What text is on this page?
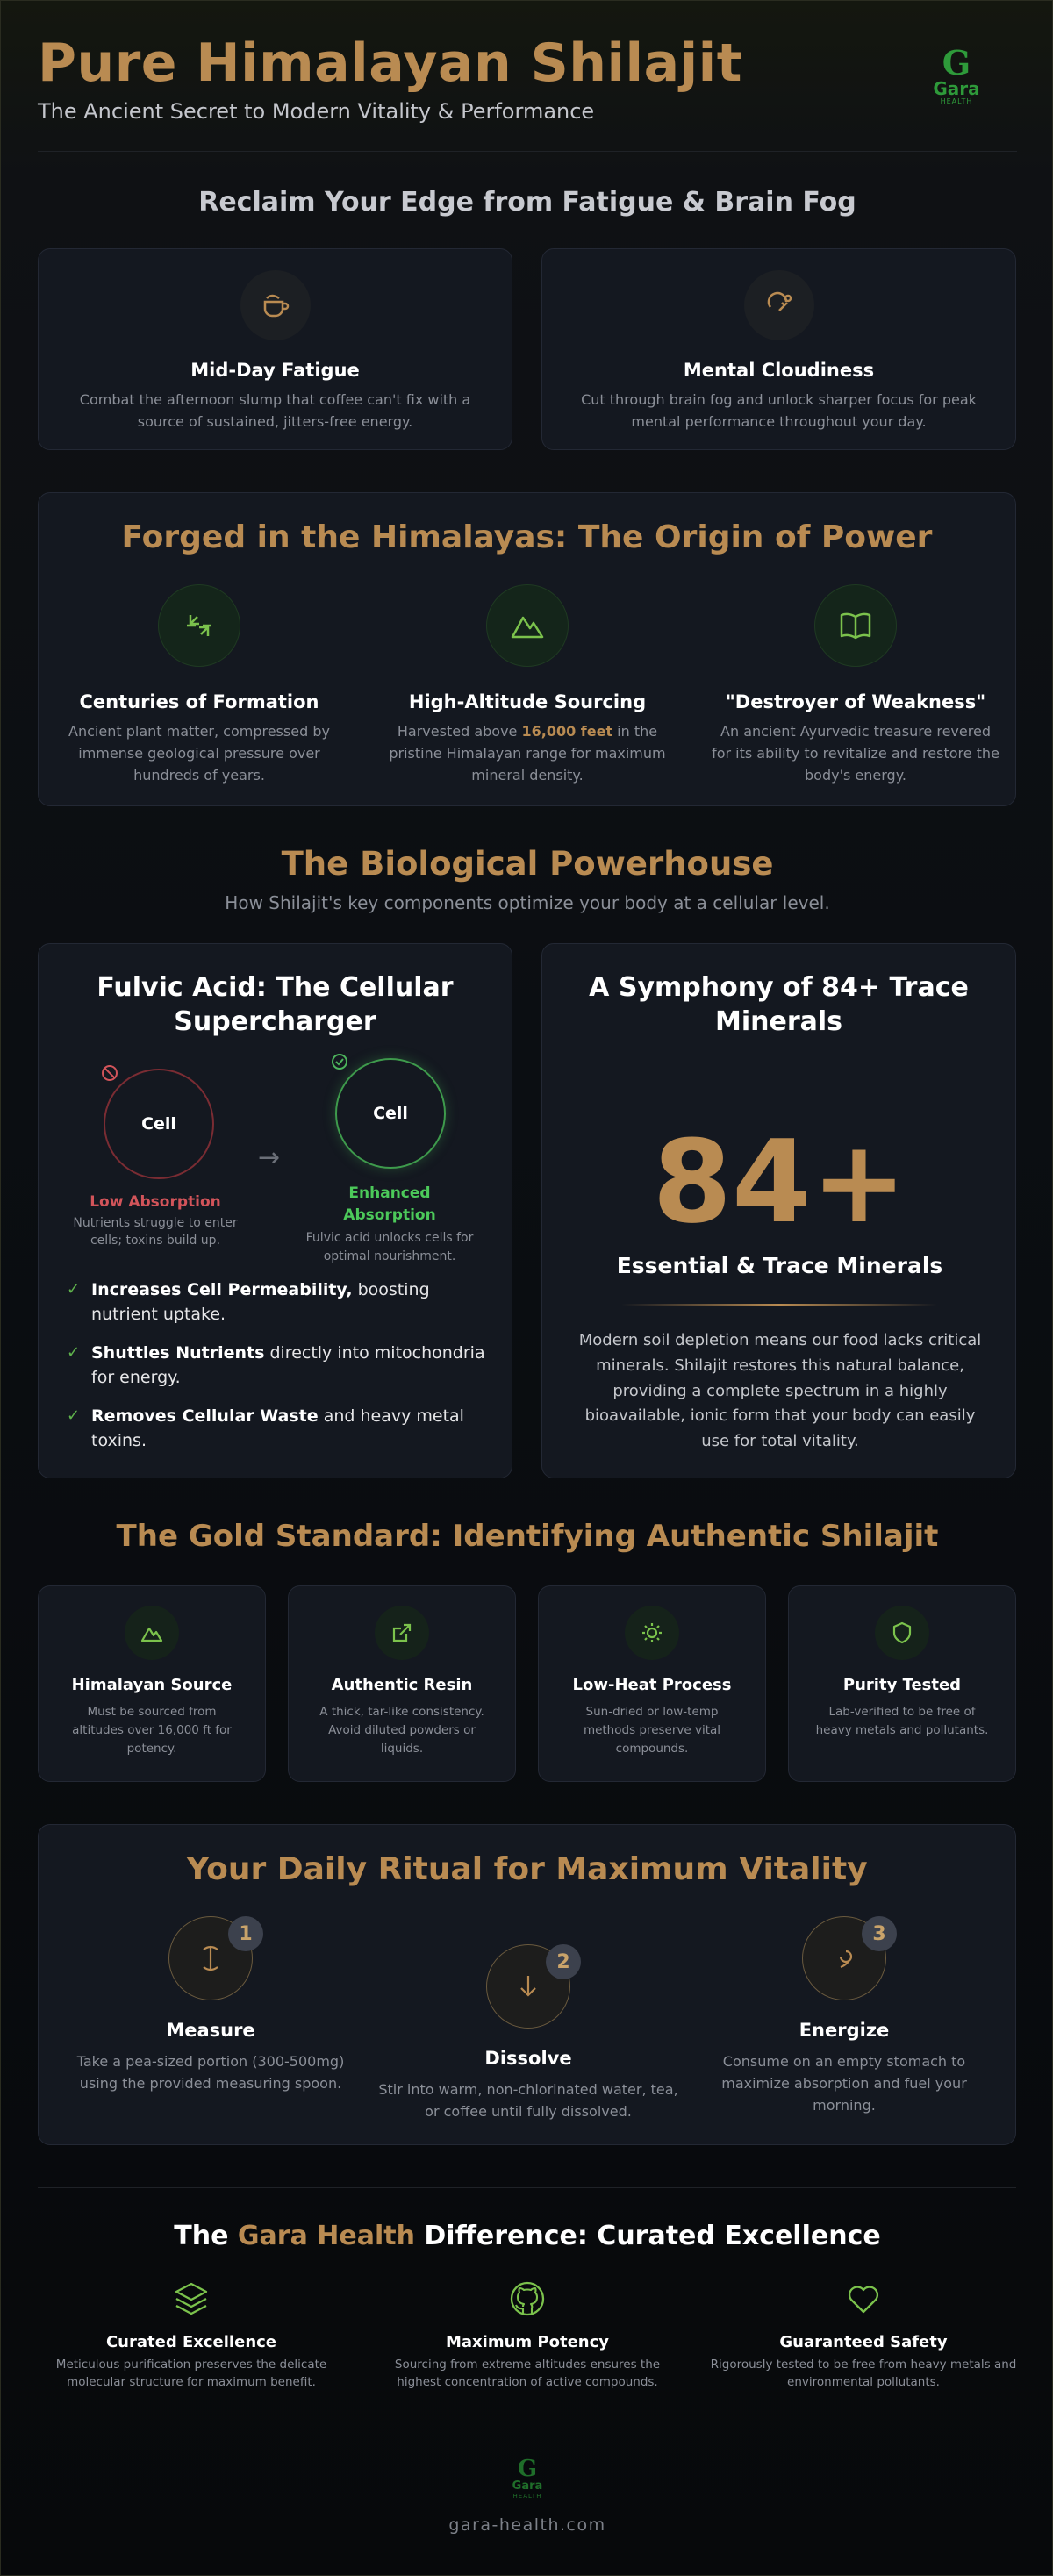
Pure Himalayan Shilajit
The Ancient Secret to Modern Vitality & Performance
G
Gara
HEALTH
Reclaim Your Edge from Fatigue & Brain Fog
Mid-Day Fatigue
Combat the afternoon slump that coffee can't fix with a source of sustained, jitters-free energy.
Mental Cloudiness
Cut through brain fog and unlock sharper focus for peak mental performance throughout your day.
Forged in the Himalayas: The Origin of Power
Centuries of Formation
Ancient plant matter, compressed by immense geological pressure over hundreds of years.
High-Altitude Sourcing
Harvested above 16,000 feet in the pristine Himalayan range for maximum mineral density.
"Destroyer of Weakness"
An ancient Ayurvedic treasure revered for its ability to revitalize and restore the body's energy.
The Biological Powerhouse
How Shilajit's key components optimize your body at a cellular level.
Fulvic Acid: The Cellular Supercharger
Cell
→
Cell
Low Absorption
Nutrients struggle to enter cells; toxins build up.
Enhanced Absorption
Fulvic acid unlocks cells for optimal nourishment.
✓ Increases Cell Permeability, boosting nutrient uptake.
✓ Shuttles Nutrients directly into mitochondria for energy.
✓ Removes Cellular Waste and heavy metal toxins.
A Symphony of 84+ Trace Minerals
84+
Essential & Trace Minerals
Modern soil depletion means our food lacks critical minerals. Shilajit restores this natural balance, providing a complete spectrum in a highly bioavailable, ionic form that your body can easily use for total vitality.
The Gold Standard: Identifying Authentic Shilajit
Himalayan Source
Must be sourced from altitudes over 16,000 ft for potency.
Authentic Resin
A thick, tar-like consistency. Avoid diluted powders or liquids.
Low-Heat Process
Sun-dried or low-temp methods preserve vital compounds.
Purity Tested
Lab-verified to be free of heavy metals and pollutants.
Your Daily Ritual for Maximum Vitality
1
Measure
Take a pea-sized portion (300-500mg) using the provided measuring spoon.
2
Dissolve
Stir into warm, non-chlorinated water, tea, or coffee until fully dissolved.
3
Energize
Consume on an empty stomach to maximize absorption and fuel your morning.
The Gara Health Difference: Curated Excellence
Curated Excellence
Meticulous purification preserves the delicate molecular structure for maximum benefit.
Maximum Potency
Sourcing from extreme altitudes ensures the highest concentration of active compounds.
Guaranteed Safety
Rigorously tested to be free from heavy metals and environmental pollutants.
G
Gara
HEALTH
gara-health.com
